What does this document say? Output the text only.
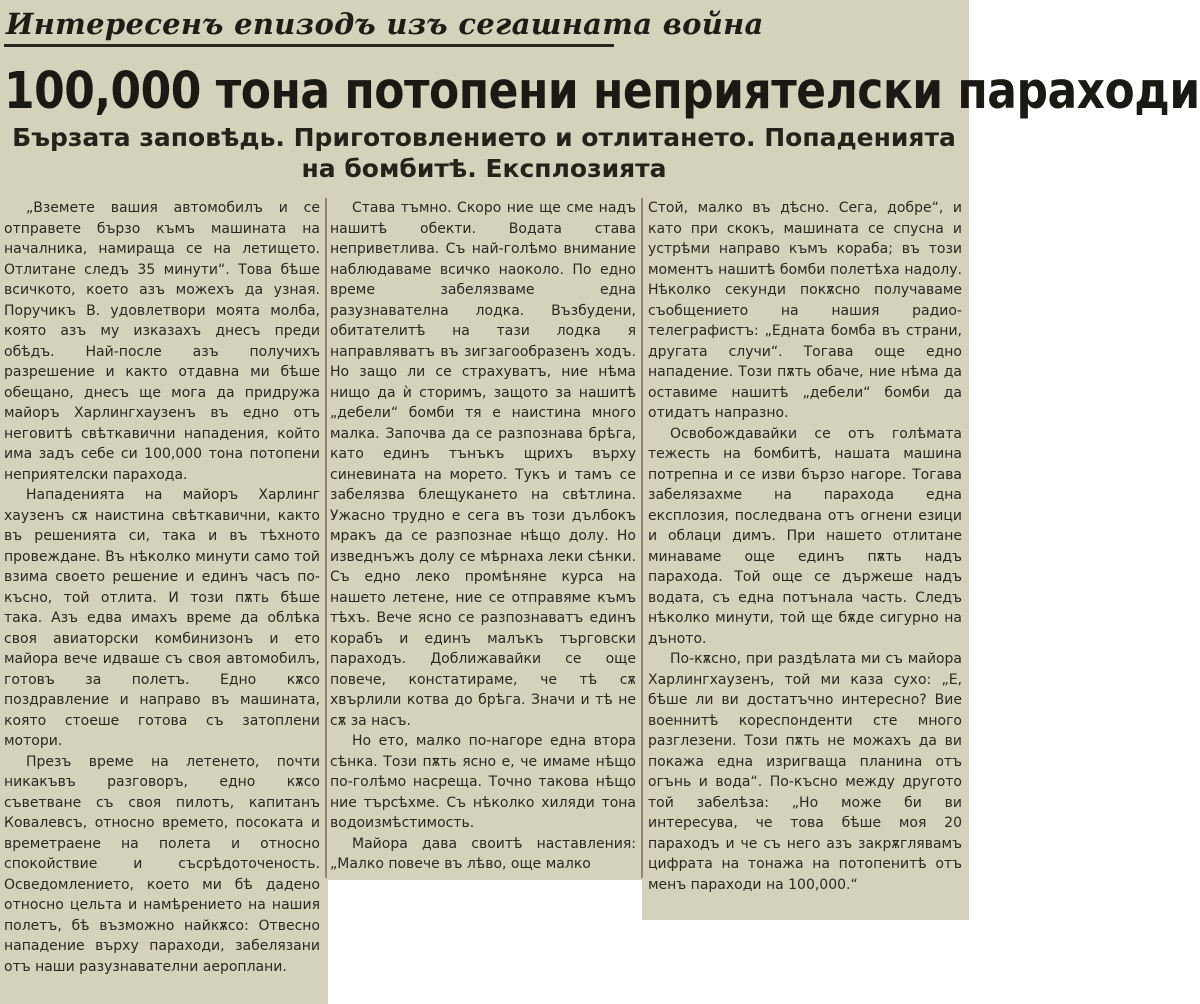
Интересенъ епизодъ изъ сегашната война
100,000 тона потопени неприятелски параходи
Бързата заповѣдь. Приготовлението и отлитането. Попаденията на бомбитѣ. Експлозията

„Вземете вашия автомобилъ и се отправете бързо къмъ машината на началника, намираща се на летището. Отлитане следъ 35 минути“. Това бѣше всичкото, което азъ можехъ да узная. Поручикъ В. удовлетвори моята молба, която азъ му изказахъ днесъ преди обѣдъ. Най-после азъ получихъ разрешение и както отдавна ми бѣше обещано, днесъ ще мога да придружа майоръ Харлингхаузенъ въ едно отъ неговитѣ свѣткавични нападения, който има задъ себе си 100,000 тона потопени неприятелски парахода.

Нападенията на майоръ Харлинг хаузенъ сѫ наистина свѣткавични, както въ решенията си, така и въ тѣхното провеждане. Въ нѣколко минути само той взима своето решение и единъ часъ по-късно, той отлита. И този пѫть бѣше така. Азъ едва имахъ време да облѣка своя авиаторски комбинизонъ и ето майора вече идваше съ своя автомобилъ, готовъ за полетъ. Едно кѫсо поздравление и направо въ машината, която стоеше готова съ затоплени мотори.

Презъ време на летенето, почти никакъвъ разговоръ, едно кѫсо съветване съ своя пилотъ, капитанъ Ковалевсъ, относно времето, посоката и времетраене на полета и относно спокойствие и съсрѣдоточеность. Осведомлението, което ми бѣ дадено относно цельта и намѣрението на нашия полетъ, бѣ възможно найкѫсо: Отвесно нападение върху параходи, забелязани отъ наши разузнавателни аероплани.

Става тъмно. Скоро ние ще сме надъ нашитѣ обекти. Водата става неприветлива. Съ най-голѣмо внимание наблюдаваме всичко наоколо. По едно време забелязваме една разузнавателна лодка. Възбудени, обитателитѣ на тази лодка я направляватъ въ зигзагообразенъ ходъ. Но защо ли се страхуватъ, ние нѣма нищо да ѝ сторимъ, защото за нашитѣ „дебели“ бомби тя е наистина много малка. Започва да се разпознава брѣга, като единъ тънъкъ щрихъ върху синевината на морето. Тукъ и тамъ се забелязва блещукането на свѣтлина. Ужасно трудно е сега въ този дълбокъ мракъ да се разпознае нѣщо долу. Но изведнъжъ долу се мѣрнаха леки сѣнки. Съ едно леко промѣняне курса на нашето летене, ние се отправяме къмъ тѣхъ. Вече ясно се разпознаватъ единъ корабъ и единъ малъкъ търговски параходъ. Доближавайки се още повече, констатираме, че тѣ сѫ хвърлили котва до брѣга. Значи и тѣ не сѫ за насъ.

Но ето, малко по-нагоре една втора сѣнка. Този пѫть ясно е, че имаме нѣщо по-голѣмо насреща. Точно такова нѣщо ние търсѣхме. Съ нѣколко хиляди тона водоизмѣстимость.

Майора дава своитѣ наставления: „Малко повече въ лѣво, още малко

Стой, малко въ дѣсно. Сега, добре“, и като при скокъ, машината се спусна и устрѣми направо къмъ кораба; въ този моментъ нашитѣ бомби полетѣха надолу. Нѣколко секунди покѫсно получаваме съобщението на нашия радио-телеграфистъ: „Едната бомба въ страни, другата случи“. Тогава още едно нападение. Този пѫть обаче, ние нѣма да оставиме нашитѣ „дебели“ бомби да отидатъ напразно.

Освобождавайки се отъ голѣмата тежесть на бомбитѣ, нашата машина потрепна и се изви бързо нагоре. Тогава забелязахме на парахода една експлозия, последвана отъ огнени езици и облаци димъ. При нашето отлитане минаваме още единъ пѫть надъ парахода. Той още се държеше надъ водата, съ една потънала часть. Следъ нѣколко минути, той ще бѫде сигурно на дъното.

По-кѫсно, при раздѣлата ми съ майора Харлингхаузенъ, той ми каза сухо: „Е, бѣше ли ви достатъчно интересно? Вие военнитѣ кореспонденти сте много разглезени. Този пѫть не можахъ да ви покажа една изригваща планина отъ огънь и вода“. По-късно между другото той забелѣза: „Но може би ви интересува, че това бѣше моя 20 параходъ и че съ него азъ закрѫглявамъ цифрата на тонажа на потопенитѣ отъ менъ параходи на 100,000.“
